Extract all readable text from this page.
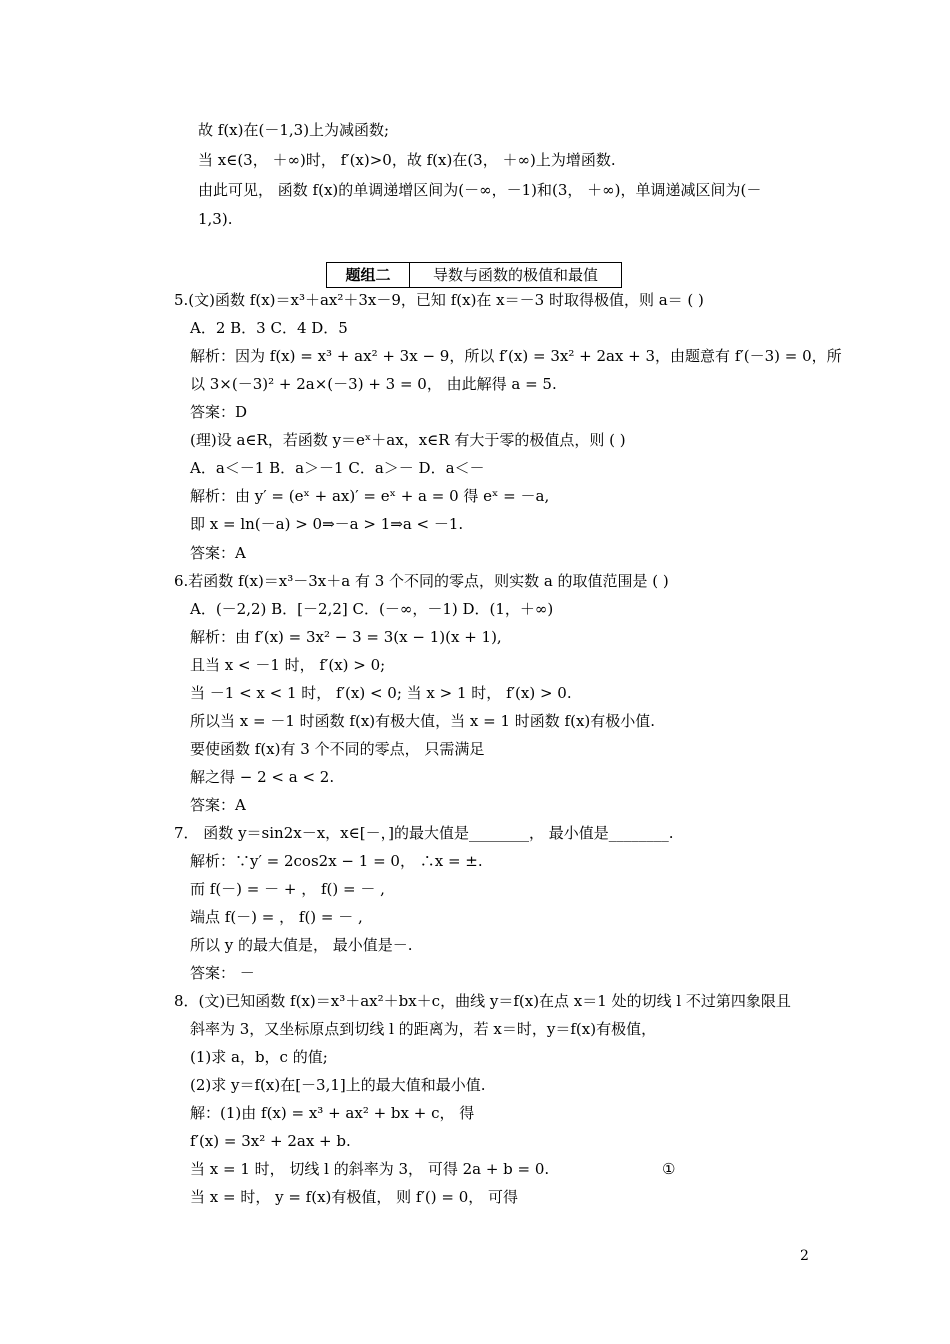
故 f(x)在(－1,3)上为减函数;
当 x∈(3， ＋∞)时， f′(x)>0，故 f(x)在(3， ＋∞)上为增函数.
由此可见， 函数 f(x)的单调递增区间为(－∞，－1)和(3， ＋∞)，单调递减区间为(－
1,3).
5.(文)函数 f(x)＝x³＋ax²＋3x－9，已知 f(x)在 x＝－3 时取得极值，则 a＝ ( )
A．2 B．3 C．4 D．5
解析：因为 f(x) = x³ + ax² + 3x − 9，所以 f′(x) = 3x² + 2ax + 3，由题意有 f′(－3) = 0，所
以 3×(－3)² + 2a×(－3) + 3 = 0， 由此解得 a = 5.
答案：D
(理)设 a∈R，若函数 y＝eˣ＋ax，x∈R 有大于零的极值点，则 ( )
A．a＜－1 B．a＞－1 C．a＞－ D．a＜－
解析：由 y′ = (eˣ + ax)′ = eˣ + a = 0 得 eˣ = －a,
即 x = ln(－a) > 0⇒－a > 1⇒a < －1.
答案：A
6.若函数 f(x)＝x³－3x＋a 有 3 个不同的零点，则实数 a 的取值范围是 ( )
A．(－2,2) B．[－2,2] C．(－∞，－1) D．(1，＋∞)
解析：由 f′(x) = 3x² − 3 = 3(x − 1)(x + 1),
且当 x < －1 时， f′(x) > 0;
当 －1 < x < 1 时， f′(x) < 0; 当 x > 1 时， f′(x) > 0.
所以当 x = －1 时函数 f(x)有极大值，当 x = 1 时函数 f(x)有极小值.
要使函数 f(x)有 3 个不同的零点， 只需满足
解之得 − 2 < a < 2.
答案：A
7． 函数 y＝sin2x－x，x∈[－，]的最大值是________， 最小值是________.
解析：∵y′ = 2cos2x − 1 = 0， ∴x = ±.
而 f(－) = － + ， f() = － ,
端点 f(－) = ， f() = － ,
所以 y 的最大值是， 最小值是－.
答案： －
8．(文)已知函数 f(x)＝x³＋ax²＋bx＋c，曲线 y＝f(x)在点 x＝1 处的切线 l 不过第四象限且
斜率为 3，又坐标原点到切线 l 的距离为，若 x＝时，y＝f(x)有极值，
(1)求 a，b，c 的值;
(2)求 y＝f(x)在[－3,1]上的最大值和最小值.
解：(1)由 f(x) = x³ + ax² + bx + c， 得
f′(x) = 3x² + 2ax + b.
当 x = 1 时， 切线 l 的斜率为 3， 可得 2a + b = 0.	①
当 x = 时， y = f(x)有极值， 则 f′() = 0， 可得
题组二	导数与函数的极值和最值
2
